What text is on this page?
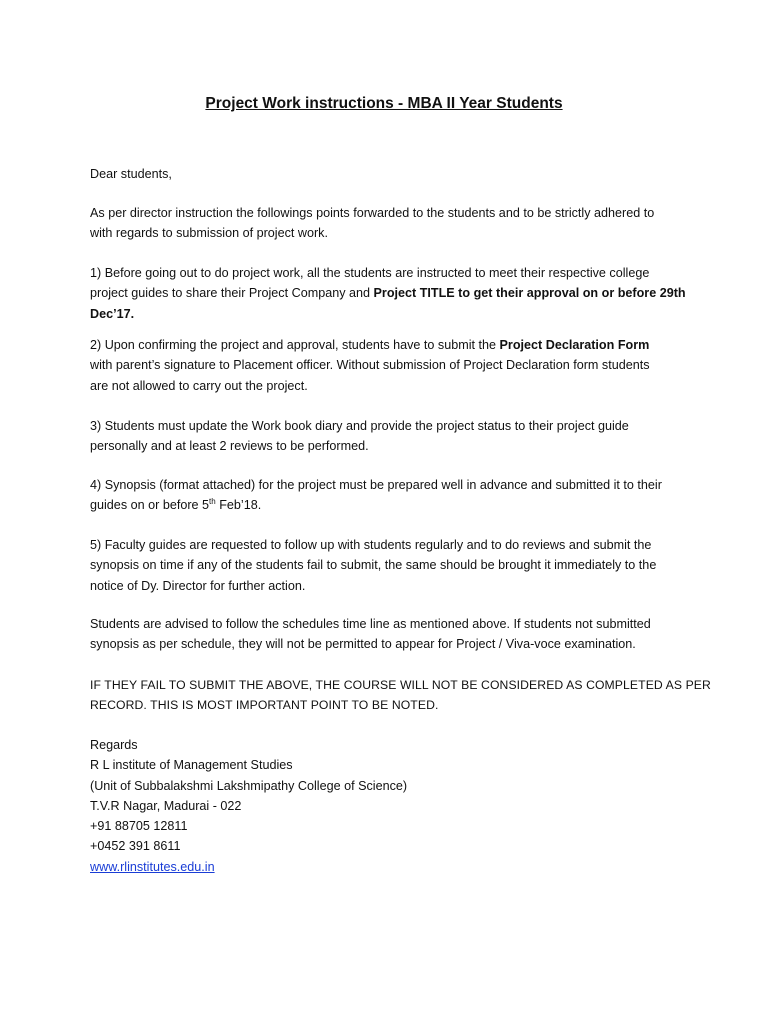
Project Work instructions - MBA II Year Students
Dear students,
As per director instruction the followings points forwarded to the students and to be strictly adhered to
with regards to submission of project work.
1) Before going out to do project work, all the students are instructed to meet their respective college
project guides to share their Project Company and Project TITLE to get their approval on or before 29th
Dec’17.
2) Upon confirming the project and approval, students have to submit the Project Declaration Form
with parent’s signature to Placement officer. Without submission of Project Declaration form students
are not allowed to carry out the project.
3) Students must update the Work book diary and provide the project status to their project guide
personally and at least 2 reviews to be performed.
4) Synopsis (format attached) for the project must be prepared well in advance and submitted it to their
guides on or before 5th Feb’18.
5) Faculty guides are requested to follow up with students regularly and to do reviews and submit the
synopsis on time if any of the students fail to submit, the same should be brought it immediately to the
notice of Dy. Director for further action.
Students are advised to follow the schedules time line as mentioned above. If students not submitted
synopsis as per schedule, they will not be permitted to appear for Project / Viva-voce examination.
IF THEY FAIL TO SUBMIT THE ABOVE, THE COURSE WILL NOT BE CONSIDERED AS COMPLETED AS PER
RECORD. THIS IS MOST IMPORTANT POINT TO BE NOTED.
Regards
R L institute of Management Studies
(Unit of Subbalakshmi Lakshmipathy College of Science)
T.V.R Nagar, Madurai - 022
+91 88705 12811
+0452 391 8611
www.rlinstitutes.edu.in
